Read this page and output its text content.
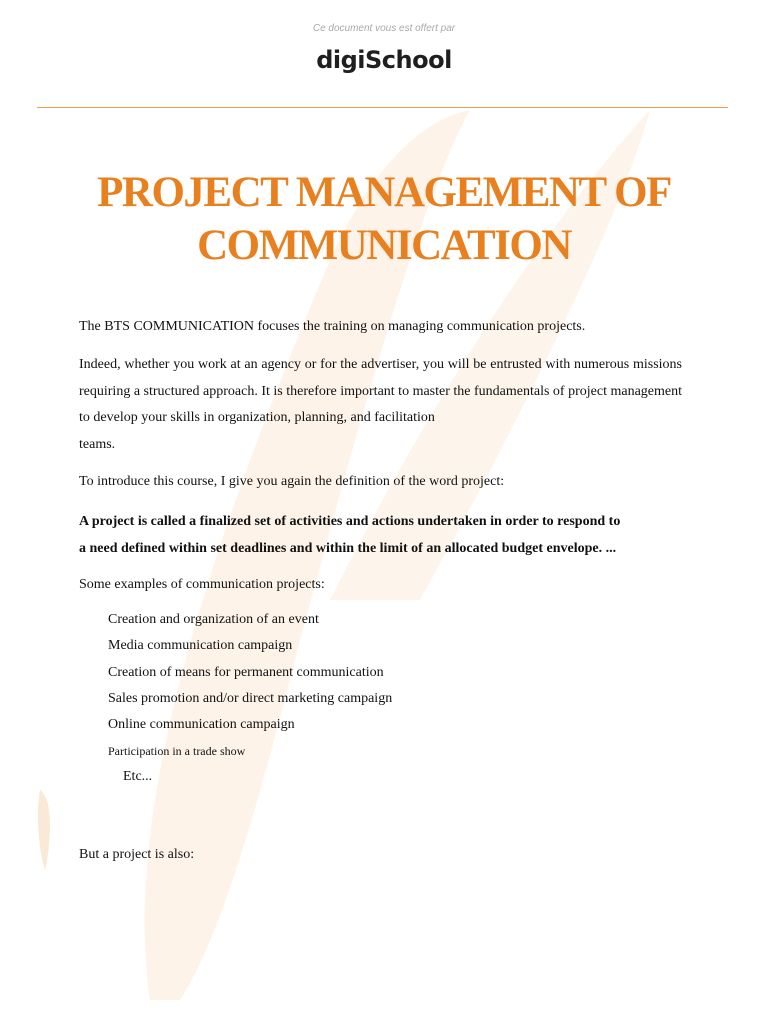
Ce document vous est offert par
digiSchool
PROJECT MANAGEMENT OF
COMMUNICATION

The BTS COMMUNICATION focuses the training on managing communication projects.

Indeed, whether you work at an agency or for the advertiser, you will be entrusted with numerous missions requiring a structured approach. It is therefore important to master the fundamentals of project management to develop your skills in organization, planning, and facilitation

teams.

To introduce this course, I give you again the definition of the word project:

A project is called a finalized set of activities and actions undertaken in order to respond to

a need defined within set deadlines and within the limit of an allocated budget envelope. ...

Some examples of communication projects:

Creation and organization of an event
Media communication campaign
Creation of means for permanent communication
Sales promotion and/or direct marketing campaign
Online communication campaign
Participation in a trade show
Etc...

But a project is also:
